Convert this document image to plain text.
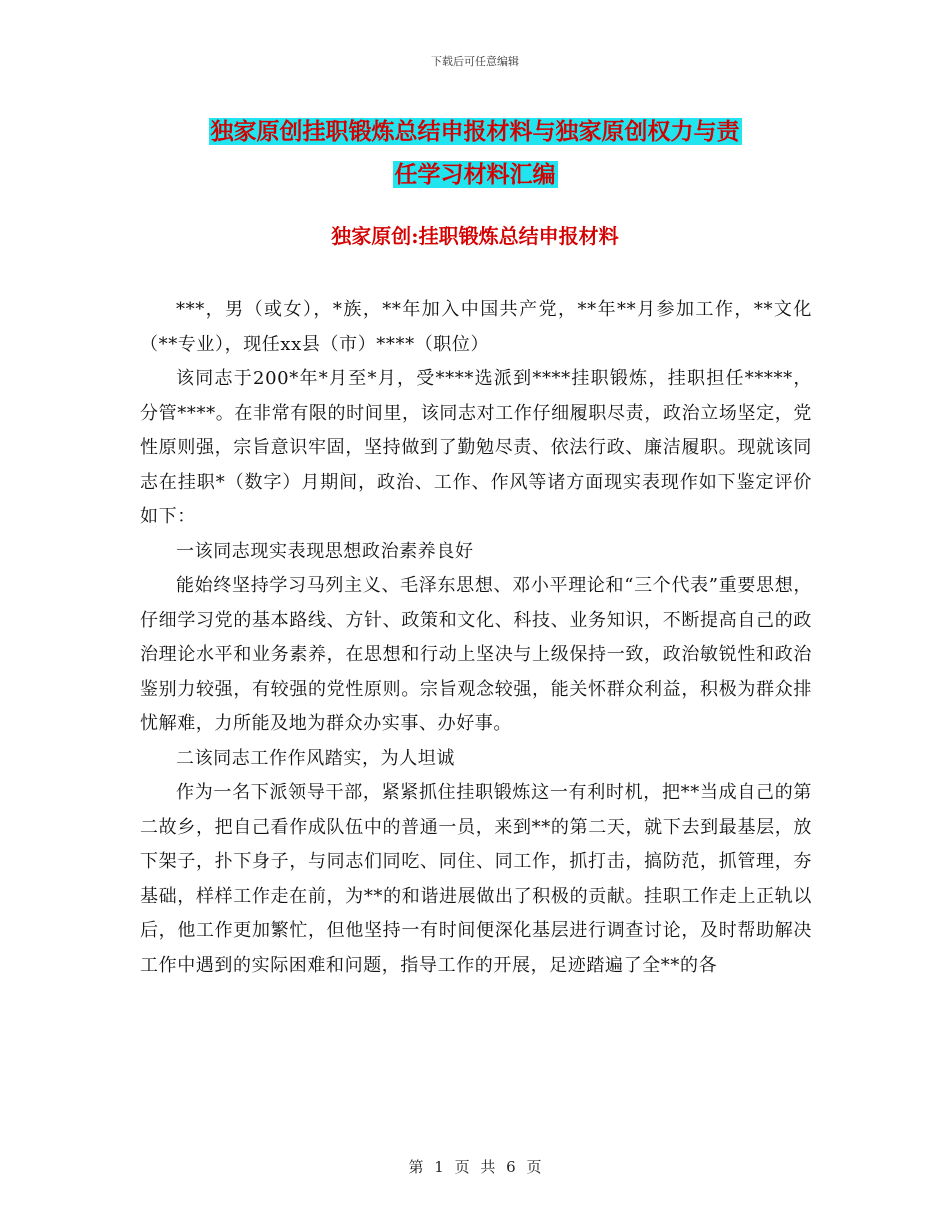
下载后可任意编辑
独家原创挂职锻炼总结申报材料与独家原创权力与责
任学习材料汇编
独家原创:挂职锻炼总结申报材料

***，男（或女），*族，**年加入中国共产党，**年**月参加工作，**文化（**专业），现任xx县（市）****（职位）

该同志于200*年*月至*月，受****选派到****挂职锻炼，挂职担任*****，分管****。在非常有限的时间里，该同志对工作仔细履职尽责，政治立场坚定，党性原则强，宗旨意识牢固，坚持做到了勤勉尽责、依法行政、廉洁履职。现就该同志在挂职*（数字）月期间，政治、工作、作风等诸方面现实表现作如下鉴定评价如下：

一该同志现实表现思想政治素养良好

能始终坚持学习马列主义、毛泽东思想、邓小平理论和“三个代表”重要思想，仔细学习党的基本路线、方针、政策和文化、科技、业务知识，不断提高自己的政治理论水平和业务素养，在思想和行动上坚决与上级保持一致，政治敏锐性和政治鉴别力较强，有较强的党性原则。宗旨观念较强，能关怀群众利益，积极为群众排忧解难，力所能及地为群众办实事、办好事。

二该同志工作作风踏实，为人坦诚

作为一名下派领导干部，紧紧抓住挂职锻炼这一有利时机，把**当成自己的第二故乡，把自己看作成队伍中的普通一员，来到**的第二天，就下去到最基层，放下架子，扑下身子，与同志们同吃、同住、同工作，抓打击，搞防范，抓管理，夯基础，样样工作走在前，为**的和谐进展做出了积极的贡献。挂职工作走上正轨以后，他工作更加繁忙，但他坚持一有时间便深化基层进行调查讨论，及时帮助解决工作中遇到的实际困难和问题，指导工作的开展，足迹踏遍了全**的各

第 1 页 共 6 页
